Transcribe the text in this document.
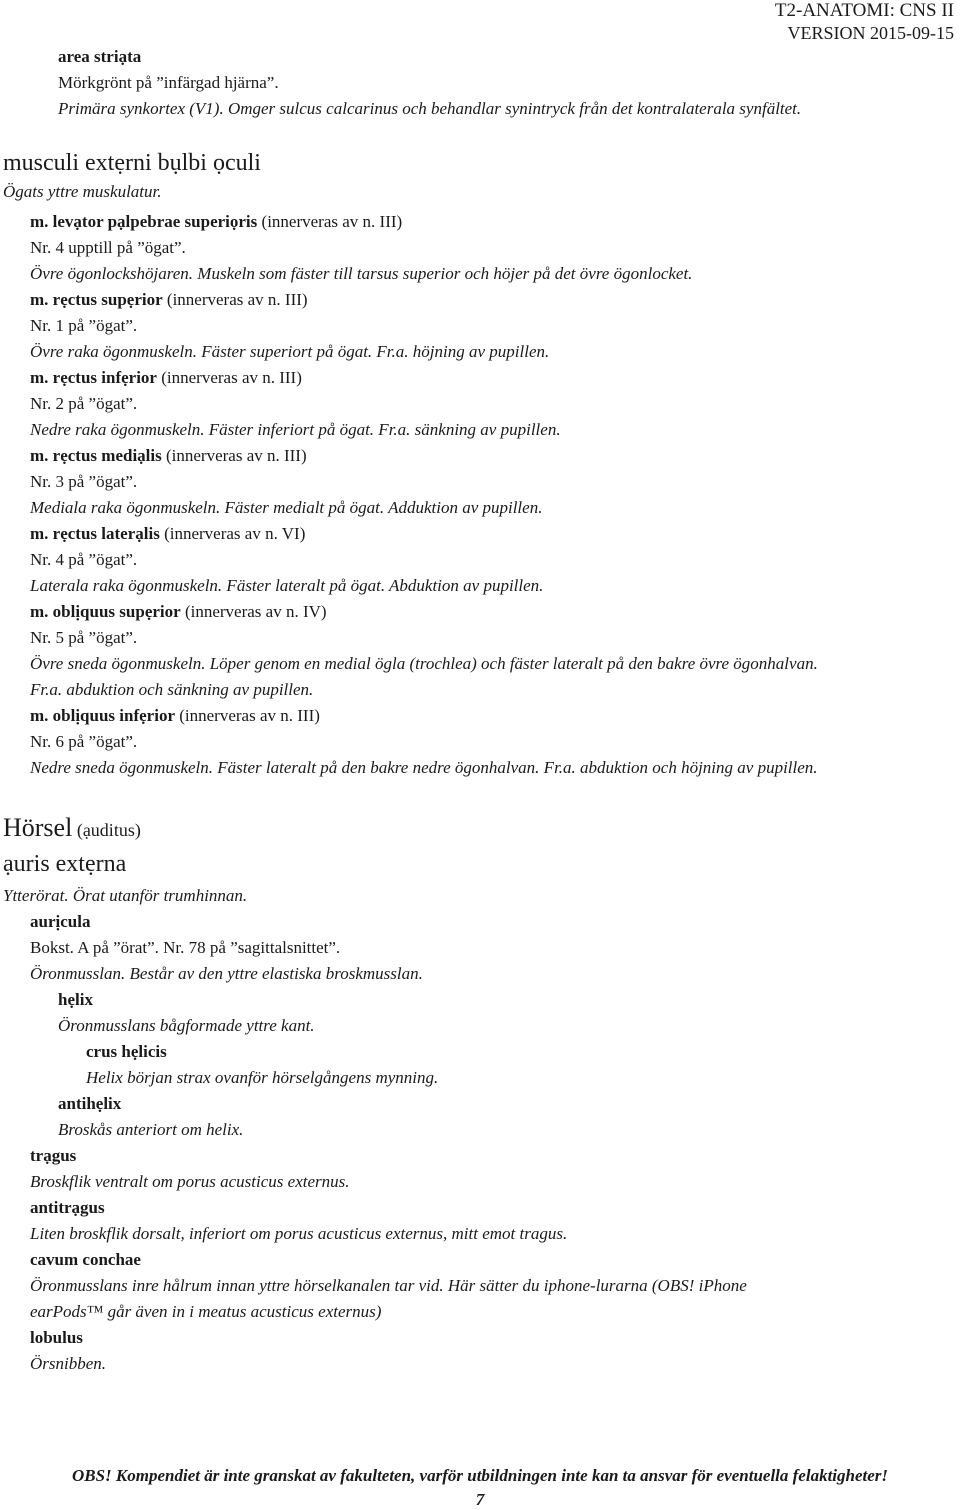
T2-ANATOMI: CNS II
VERSION 2015-09-15
area striạta
Mörkgrönt på ”infärgad hjärna”.
Primära synkortex (V1). Omger sulcus calcarinus och behandlar synintryck från det kontralaterala synfältet.
musculi extẹrni bụlbi ọculi
Ögats yttre muskulatur.
m. levạtor pạlpebrae superiọris (innerveras av n. III)
Nr. 4 upptill på ”ögat”.
Övre ögonlockshöjaren. Muskeln som fäster till tarsus superior och höjer på det övre ögonlocket.
m. rẹctus supẹrior (innerveras av n. III)
Nr. 1 på ”ögat”.
Övre raka ögonmuskeln. Fäster superiort på ögat. Fr.a. höjning av pupillen.
m. rẹctus infẹrior (innerveras av n. III)
Nr. 2 på ”ögat”.
Nedre raka ögonmuskeln. Fäster inferiort på ögat. Fr.a. sänkning av pupillen.
m. rẹctus mediạlis (innerveras av n. III)
Nr. 3 på ”ögat”.
Mediala raka ögonmuskeln. Fäster medialt på ögat. Adduktion av pupillen.
m. rẹctus laterạlis (innerveras av n. VI)
Nr. 4 på ”ögat”.
Laterala raka ögonmuskeln. Fäster lateralt på ögat. Abduktion av pupillen.
m. oblịquus supẹrior (innerveras av n. IV)
Nr. 5 på ”ögat”.
Övre sneda ögonmuskeln. Löper genom en medial ögla (trochlea) och fäster lateralt på den bakre övre ögonhalvan.
Fr.a. abduktion och sänkning av pupillen.
m. oblịquus infẹrior (innerveras av n. III)
Nr. 6 på ”ögat”.
Nedre sneda ögonmuskeln. Fäster lateralt på den bakre nedre ögonhalvan. Fr.a. abduktion och höjning av pupillen.
Hörsel (ạuditus)
ạuris extẹrna
Ytterörat. Örat utanför trumhinnan.
aurịcula
Bokst. A på ”örat”. Nr. 78 på ”sagittalsnittet”.
Öronmusslan. Består av den yttre elastiska broskmusslan.
hẹlix
Öronmusslans bågformade yttre kant.
crus hẹlicis
Helix början strax ovanför hörselgångens mynning.
antihẹlix
Broskås anteriort om helix.
trạgus
Broskflik ventralt om porus acusticus externus.
antitrạgus
Liten broskflik dorsalt, inferiort om porus acusticus externus, mitt emot tragus.
cavum conchae
Öronmusslans inre hålrum innan yttre hörselkanalen tar vid. Här sätter du iphone-lurarna (OBS! iPhone
earPods™ går även in i meatus acusticus externus)
lobulus
Örsnibben.
OBS! Kompendiet är inte granskat av fakulteten, varför utbildningen inte kan ta ansvar för eventuella felaktigheter!
7
